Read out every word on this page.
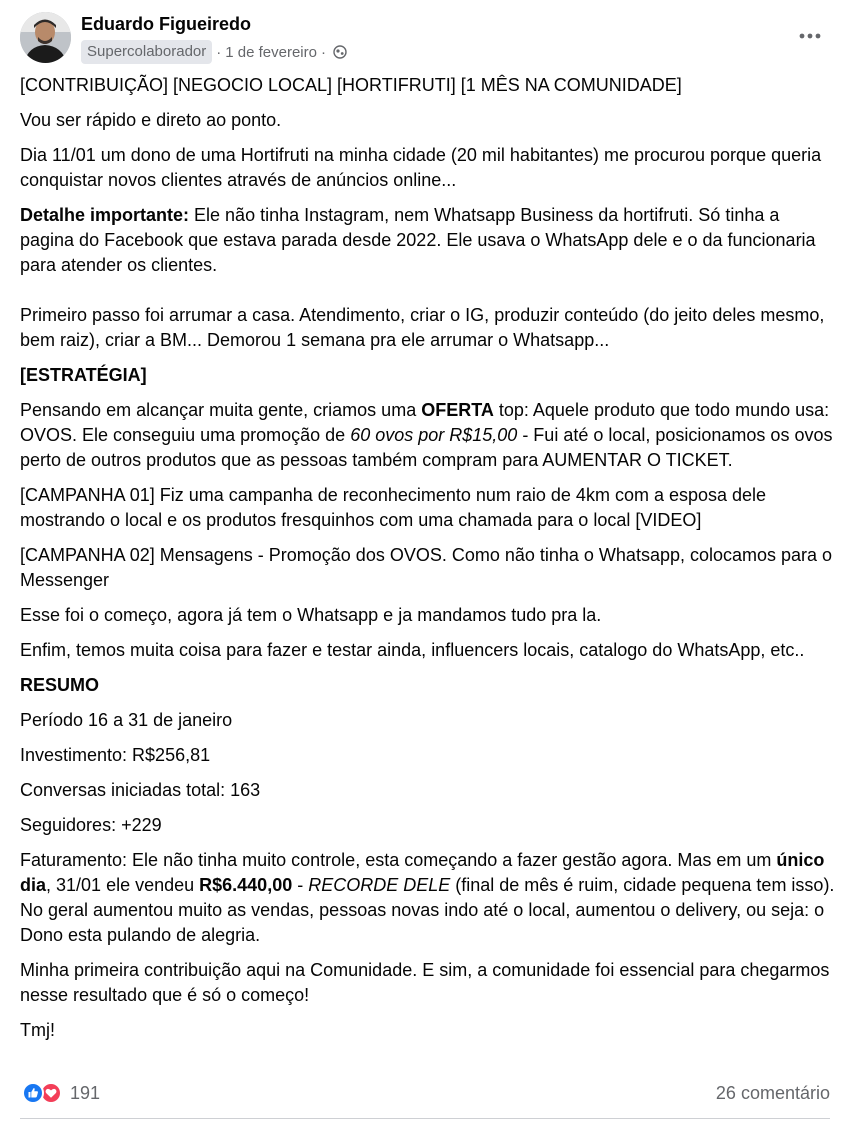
Eduardo Figueiredo
Supercolaborador · 1 de fevereiro ·

[CONTRIBUIÇÃO] [NEGOCIO LOCAL] [HORTIFRUTI] [1 MÊS NA COMUNIDADE]

Vou ser rápido e direto ao ponto.

Dia 11/01 um dono de uma Hortifruti na minha cidade (20 mil habitantes) me procurou porque queria conquistar novos clientes através de anúncios online...

Detalhe importante: Ele não tinha Instagram, nem Whatsapp Business da hortifruti. Só tinha a pagina do Facebook que estava parada desde 2022. Ele usava o WhatsApp dele e o da funcionaria para atender os clientes.

Primeiro passo foi arrumar a casa. Atendimento, criar o IG, produzir conteúdo (do jeito deles mesmo, bem raiz), criar a BM... Demorou 1 semana pra ele arrumar o Whatsapp...

[ESTRATÉGIA]

Pensando em alcançar muita gente, criamos uma OFERTA top: Aquele produto que todo mundo usa: OVOS. Ele conseguiu uma promoção de 60 ovos por R$15,00 - Fui até o local, posicionamos os ovos perto de outros produtos que as pessoas também compram para AUMENTAR O TICKET.

[CAMPANHA 01] Fiz uma campanha de reconhecimento num raio de 4km com a esposa dele mostrando o local e os produtos fresquinhos com uma chamada para o local [VIDEO]

[CAMPANHA 02] Mensagens - Promoção dos OVOS. Como não tinha o Whatsapp, colocamos para o Messenger

Esse foi o começo, agora já tem o Whatsapp e ja mandamos tudo pra la.

Enfim, temos muita coisa para fazer e testar ainda, influencers locais, catalogo do WhatsApp, etc..

RESUMO

Período 16 a 31 de janeiro

Investimento: R$256,81

Conversas iniciadas total: 163

Seguidores: +229

Faturamento: Ele não tinha muito controle, esta começando a fazer gestão agora. Mas em um único dia, 31/01 ele vendeu R$6.440,00 - RECORDE DELE (final de mês é ruim, cidade pequena tem isso). No geral aumentou muito as vendas, pessoas novas indo até o local, aumentou o delivery, ou seja: o Dono esta pulando de alegria.

Minha primeira contribuição aqui na Comunidade. E sim, a comunidade foi essencial para chegarmos nesse resultado que é só o começo!

Tmj!

191	26 comentário
